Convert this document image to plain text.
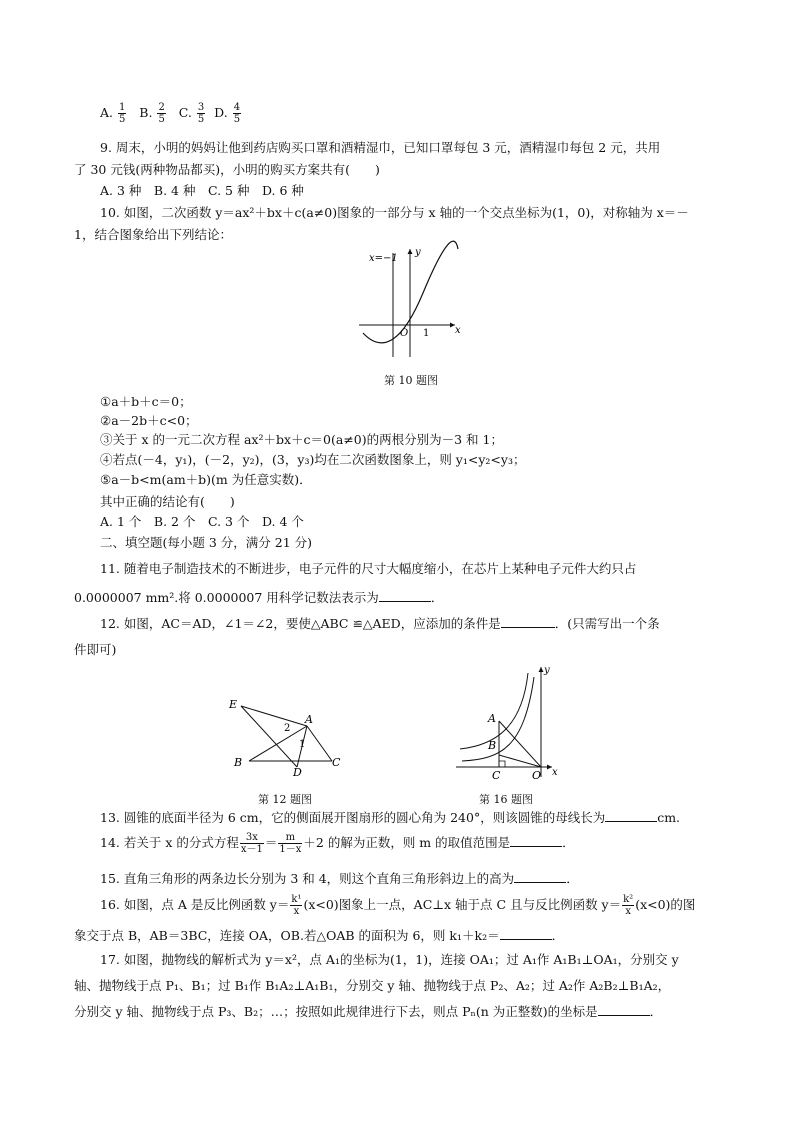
A. $\frac{1}{5} B$. $\frac{2}{5} C$. $\frac{3}{5} D$. $\frac{4}{5}$
9. 周末，小明的妈妈让他到药店购买口罩和酒精湿巾，已知口罩每包 3 元，酒精湿巾每包 2 元，共用
了 30 元钱(两种物品都买)，小明的购买方案共有(　　)
A. 3 种　B. 4 种　C. 5 种　D. 6 种
10. 如图，二次函数 y＝ax²＋bx＋c(a≠0)图象的一部分与 x 轴的一个交点坐标为(1，0)，对称轴为 x＝－
1，结合图象给出下列结论：
x=−1
y
x
O 1
第 10 题图
①a＋b＋c＝0；
②a－2b＋c<0；
③关于 x 的一元二次方程 ax²＋bx＋c＝0(a≠0)的两根分别为－3 和 1；
④若点(－4，y₁)，(－2，y₂)，(3，y₃)均在二次函数图象上，则 y₁<y₂<y₃；
⑤a－b<m(am＋b)(m 为任意实数)．
其中正确的结论有(　　)
A. 1 个　B. 2 个　C. 3 个　D. 4 个
二、填空题(每小题 3 分，满分 21 分)
11. 随着电子制造技术的不断进步，电子元件的尺寸大幅度缩小，在芯片上某种电子元件大约只占
0.0000007 mm².将 0.0000007 用科学记数法表示为	．
12. 如图，AC＝AD，∠1＝∠2，要使△ABC ≌△AED，应添加的条件是	．(只需写出一个条
件即可)
E
A
B	C
D
2
1
第 12 题图
A
B
C	O x
y
第 16 题图
13. 圆锥的底面半径为 6 cm，它的侧面展开图扇形的圆心角为 240°，则该圆锥的母线长为	cm.
14. 若关于 x 的分式方程 $\frac{3x}{x-1} = \frac{m}{1-x} +2$ 的解为正数，则 m 的取值范围是	．
15. 直角三角形的两条边长分别为 3 和 4，则这个直角三角形斜边上的高为	．
16. 如图，点 A 是反比例函数 $y= \frac{\text{k¹}}{x} (x<0)$图象上一点，AC⊥x 轴于点 C 且与反比例函数 $y= \frac{\text{k²}}{x} (x<0)$的图
象交于点 B，AB＝3BC，连接 OA，OB.若△OAB 的面积为 6，则 k₁＋k₂＝	．
17. 如图，抛物线的解析式为 y＝x²，点 A₁的坐标为(1，1)，连接 OA₁；过 A₁作 A₁B₁⊥OA₁，分别交 y
轴、抛物线于点 P₁、B₁；过 B₁作 B₁A₂⊥A₁B₁，分别交 y 轴、抛物线于点 P₂、A₂；过 A₂作 A₂B₂⊥B₁A₂，
分别交 y 轴、抛物线于点 P₃、B₂；…；按照如此规律进行下去，则点 Pₙ(n 为正整数)的坐标是	．
